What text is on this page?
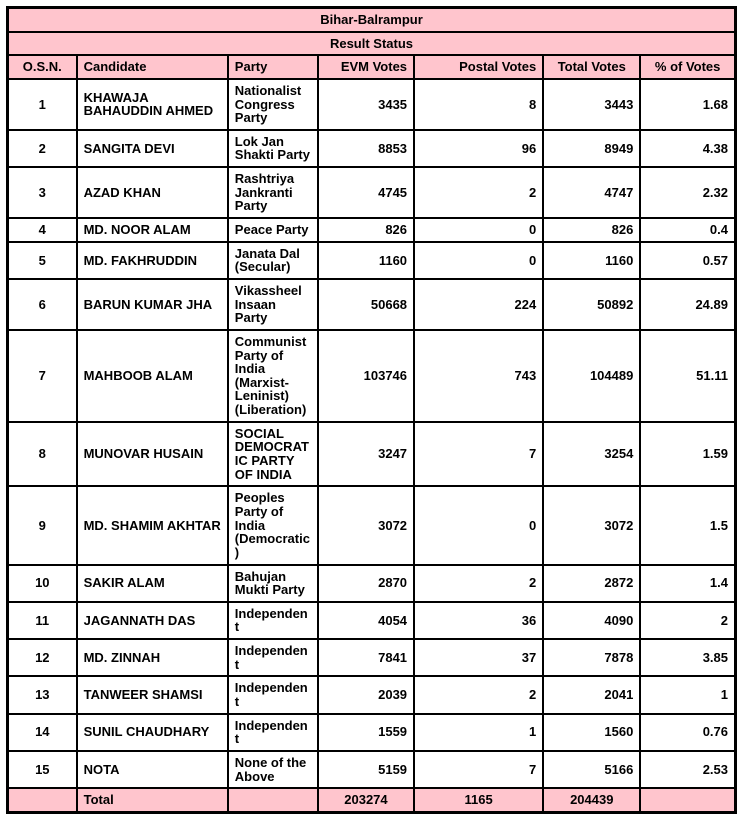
Bihar-Balrampur						
Result Status						
O.S.N.	Candidate	Party	EVM Votes	Postal Votes	Total Votes	% of Votes
1	KHAWAJA BAHAUDDIN AHMED	Nationalist Congress Party	3435	8	3443	1.68
2	SANGITA DEVI	Lok Jan Shakti Party	8853	96	8949	4.38
3	AZAD KHAN	Rashtriya Jankranti Party	4745	2	4747	2.32
4	MD. NOOR ALAM	Peace Party	826	0	826	0.4
5	MD. FAKHRUDDIN	Janata Dal (Secular)	1160	0	1160	0.57
6	BARUN KUMAR JHA	Vikassheel Insaan Party	50668	224	50892	24.89
7	MAHBOOB ALAM	Communist Party of India (Marxist-Leninist) (Liberation)	103746	743	104489	51.11
8	MUNOVAR HUSAIN	SOCIAL DEMOCRATIC PARTY OF INDIA	3247	7	3254	1.59
9	MD. SHAMIM AKHTAR	Peoples Party of India (Democratic)	3072	0	3072	1.5
10	SAKIR ALAM	Bahujan Mukti Party	2870	2	2872	1.4
11	JAGANNATH DAS	Independent	4054	36	4090	2
12	MD. ZINNAH	Independent	7841	37	7878	3.85
13	TANWEER SHAMSI	Independent	2039	2	2041	1
14	SUNIL CHAUDHARY	Independent	1559	1	1560	0.76
15	NOTA	None of the Above	5159	7	5166	2.53
	Total		203274	1165	204439	
